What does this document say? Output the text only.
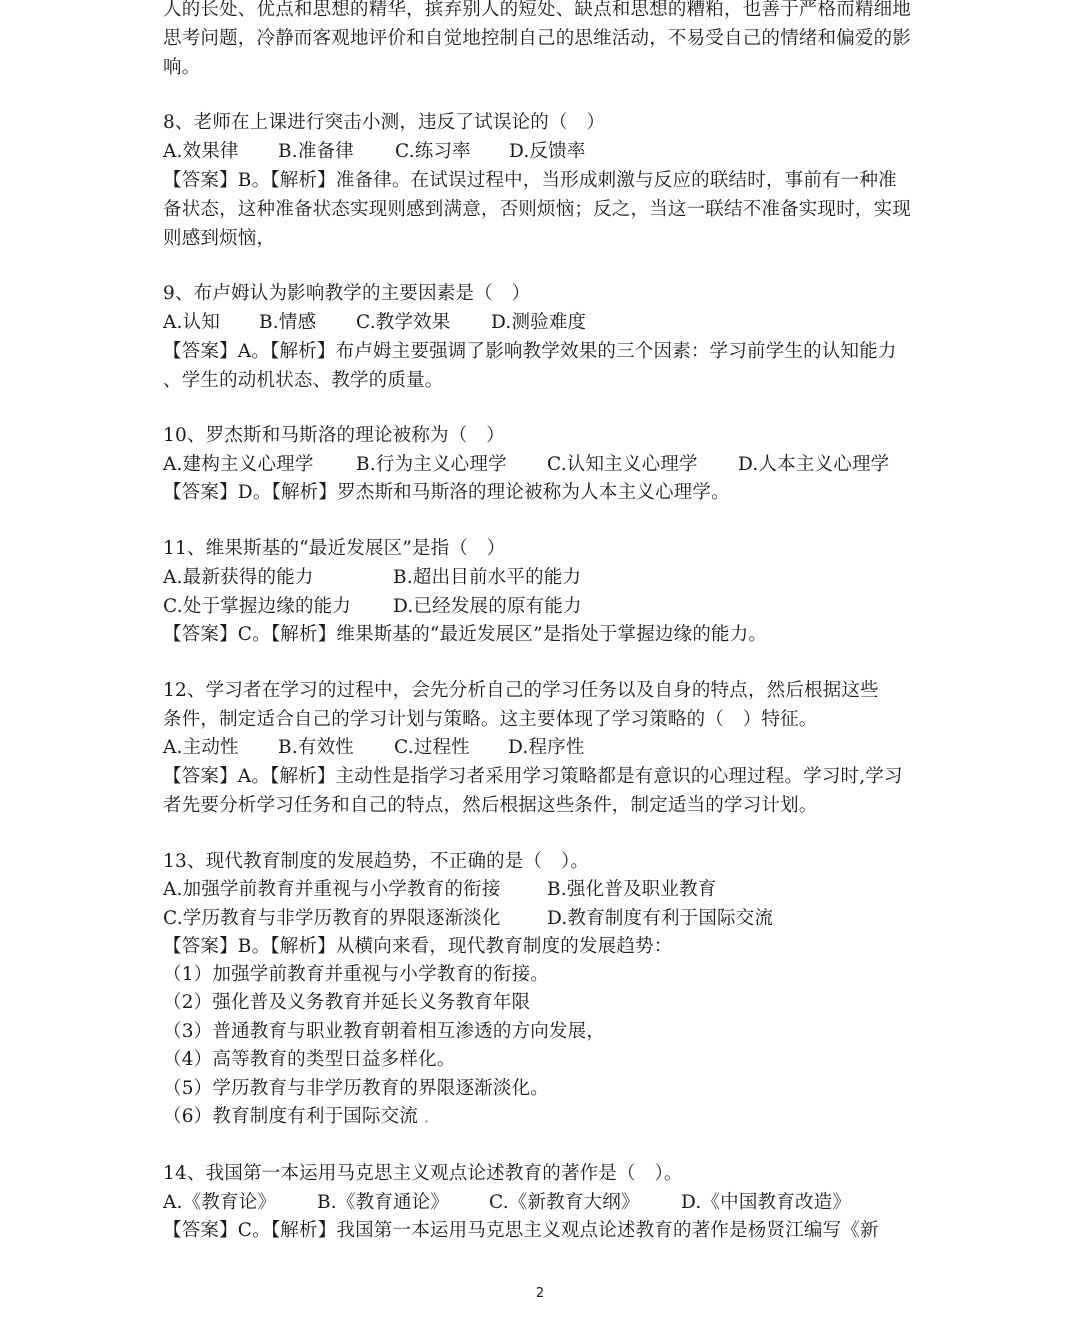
人的长处、优点和思想的精华，摈弃别人的短处、缺点和思想的糟粕，也善于严格而精细地
思考问题，冷静而客观地评价和自觉地控制自己的思维活动，不易受自己的情绪和偏爱的影
响。
8、老师在上课进行突击小测，违反了试误论的（　）
A.效果律	B.准备律	C.练习率	D.反馈率
【答案】B。【解析】准备律。在试误过程中，当形成刺激与反应的联结时，事前有一种准
备状态，这种准备状态实现则感到满意，否则烦恼；反之，当这一联结不准备实现时，实现
则感到烦恼，
9、布卢姆认为影响教学的主要因素是（　）
A.认知	B.情感	C.教学效果	D.测验难度
【答案】A。【解析】布卢姆主要强调了影响教学效果的三个因素：学习前学生的认知能力
、学生的动机状态、教学的质量。
10、罗杰斯和马斯洛的理论被称为（　）
A.建构主义心理学	B.行为主义心理学	C.认知主义心理学	D.人本主义心理学
【答案】D。【解析】罗杰斯和马斯洛的理论被称为人本主义心理学。
11、维果斯基的“最近发展区”是指（　）
A.最新获得的能力	B.超出目前水平的能力
C.处于掌握边缘的能力	D.已经发展的原有能力
【答案】C。【解析】维果斯基的“最近发展区”是指处于掌握边缘的能力。
12、学习者在学习的过程中，会先分析自己的学习任务以及自身的特点，然后根据这些
条件，制定适合自己的学习计划与策略。这主要体现了学习策略的（　）特征。
A.主动性	B.有效性	C.过程性	D.程序性
【答案】A。【解析】主动性是指学习者采用学习策略都是有意识的心理过程。学习时,学习
者先要分析学习任务和自己的特点，然后根据这些条件，制定适当的学习计划。
13、现代教育制度的发展趋势，不正确的是（　）。
A.加强学前教育并重视与小学教育的衔接	B.强化普及职业教育
C.学历教育与非学历教育的界限逐渐淡化	D.教育制度有利于国际交流
【答案】B。【解析】从横向来看，现代教育制度的发展趋势：
（1）加强学前教育并重视与小学教育的衔接。
（2）强化普及义务教育并延长义务教育年限
（3）普通教育与职业教育朝着相互渗透的方向发展，
（4）高等教育的类型日益多样化。
（5）学历教育与非学历教育的界限逐渐淡化。
（6）教育制度有利于国际交流
14、我国第一本运用马克思主义观点论述教育的著作是（　）。
A.《教育论》	B.《教育通论》	C.《新教育大纲》	D.《中国教育改造》
【答案】C。【解析】我国第一本运用马克思主义观点论述教育的著作是杨贤江编写《新
2
